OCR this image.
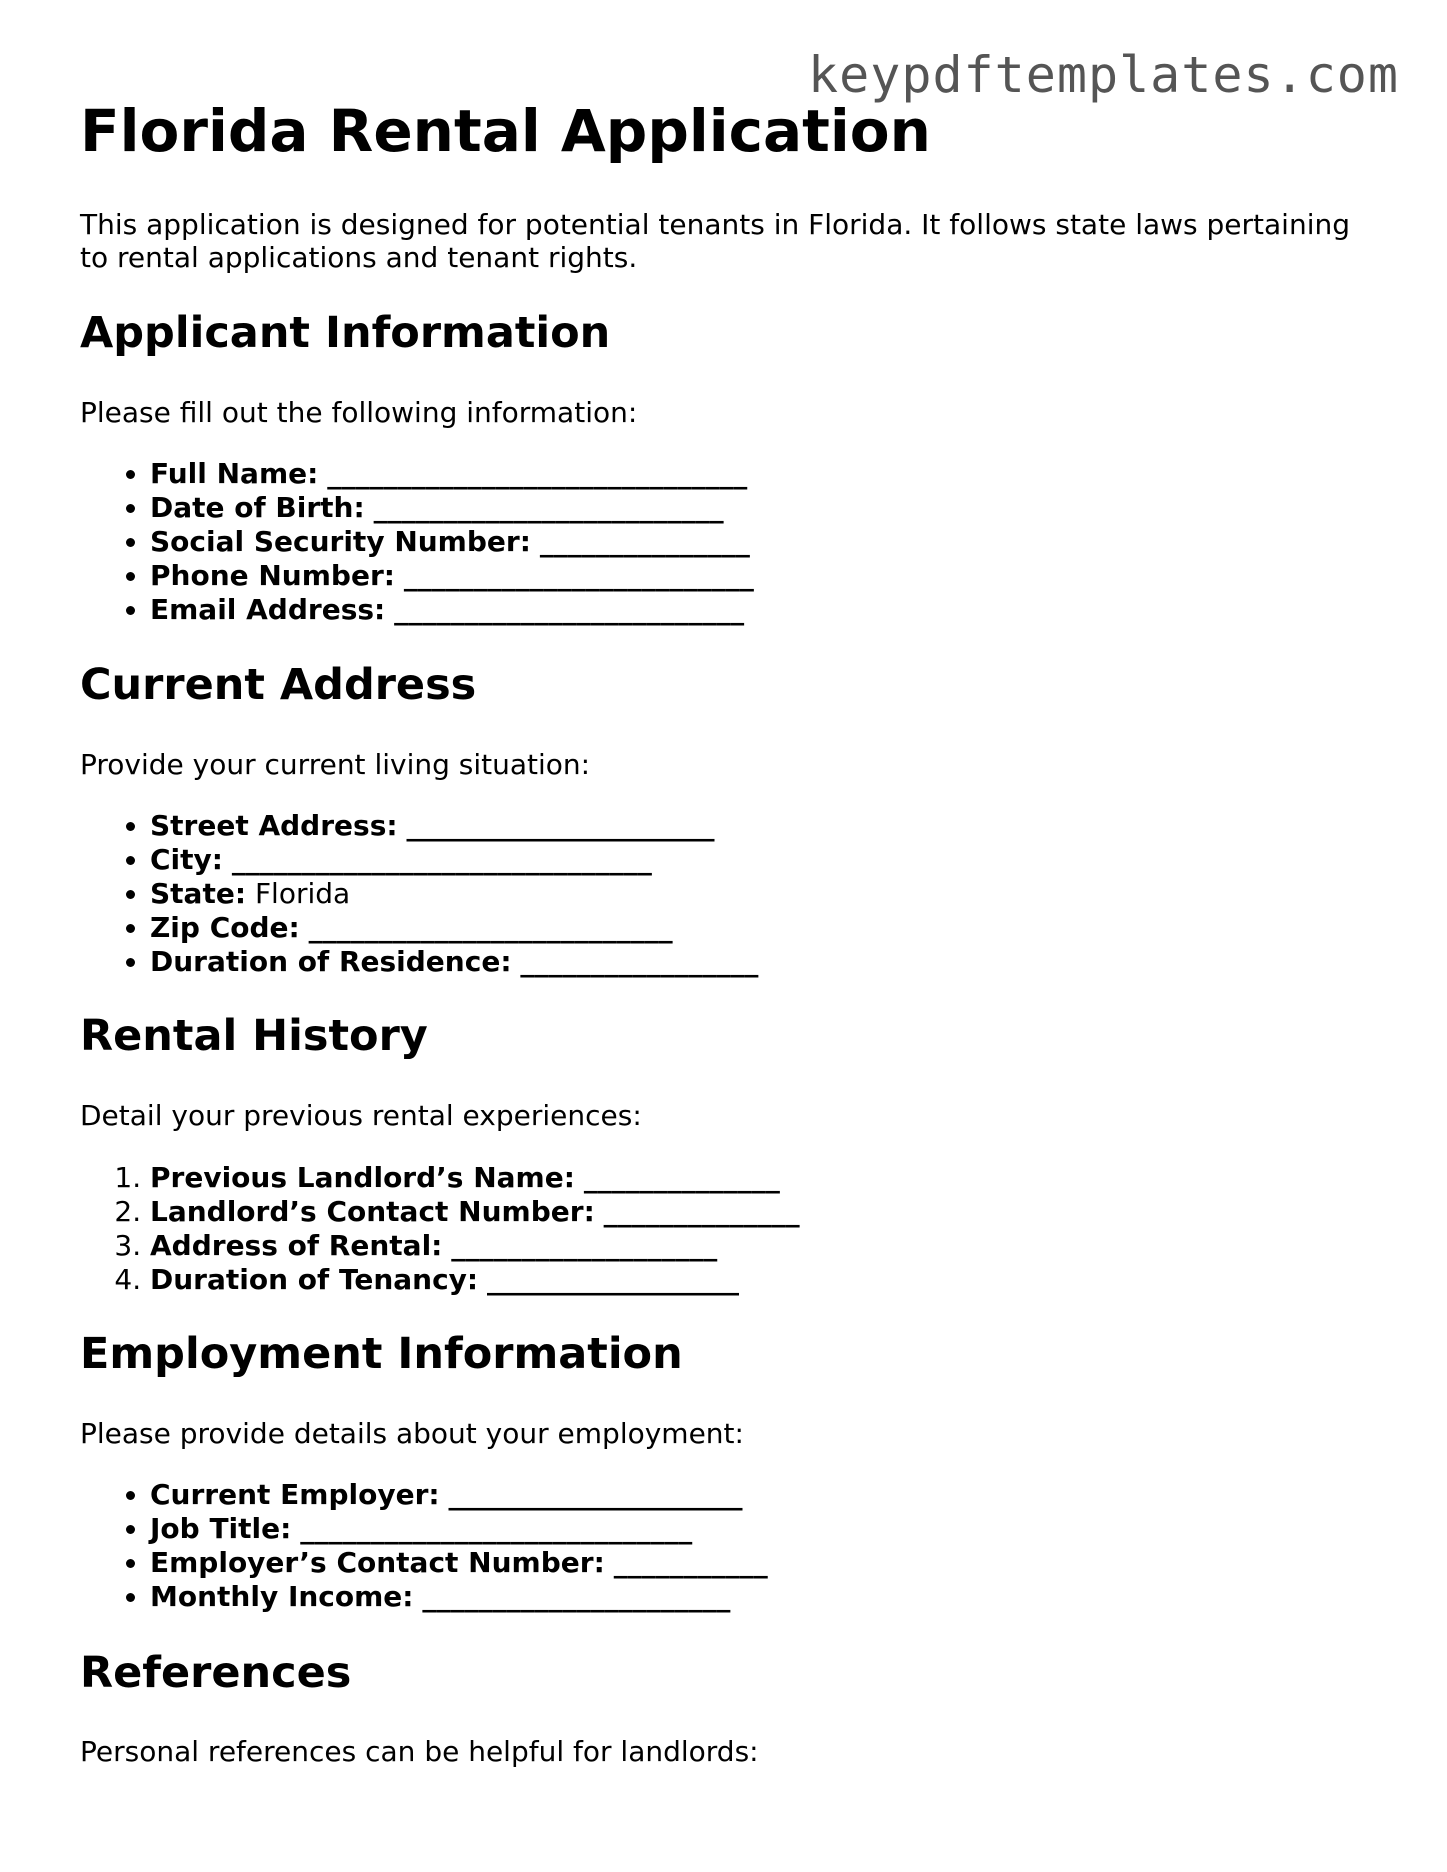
keypdftemplates.com
Florida Rental Application

This application is designed for potential tenants in Florida. It follows state laws pertaining to rental applications and tenant rights.

Applicant Information

Please fill out the following information:

• Full Name: ______________________________
• Date of Birth: _________________________
• Social Security Number: _______________
• Phone Number: _________________________
• Email Address: _________________________
Current Address

Provide your current living situation:

• Street Address: ______________________
• City: ______________________________
• State: Florida
• Zip Code: __________________________
• Duration of Residence: _________________
Rental History

Detail your previous rental experiences:

1. Previous Landlord’s Name: ______________
2. Landlord’s Contact Number: ______________
3. Address of Rental: ___________________
4. Duration of Tenancy: __________________
Employment Information

Please provide details about your employment:

• Current Employer: _____________________
• Job Title: ____________________________
• Employer’s Contact Number: ___________
• Monthly Income: ______________________
References

Personal references can be helpful for landlords:
